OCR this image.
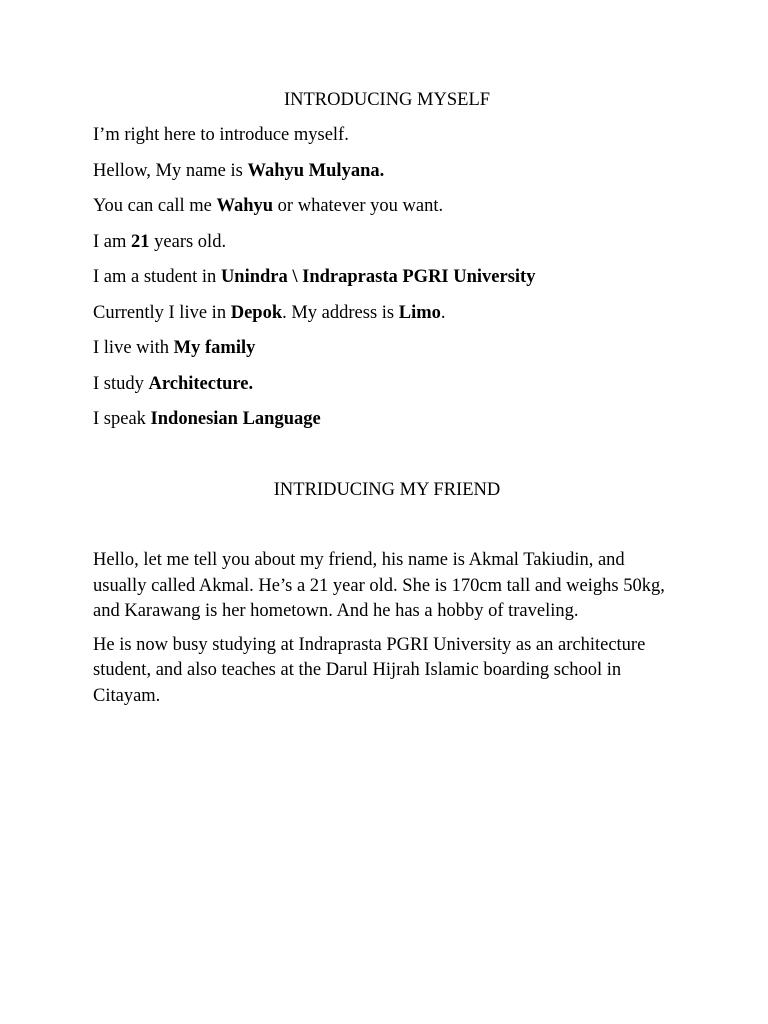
INTRODUCING MYSELF

I’m right here to introduce myself.

Hellow, My name is Wahyu Mulyana.

You can call me Wahyu or whatever you want.

I am 21 years old.

I am a student in Unindra \ Indraprasta PGRI University

Currently I live in Depok. My address is Limo.

I live with My family

I study Architecture.

I speak Indonesian Language

INTRIDUCING MY FRIEND

Hello, let me tell you about my friend, his name is Akmal Takiudin, and usually called Akmal. He’s a 21 year old. She is 170cm tall and weighs 50kg, and Karawang is her hometown. And he has a hobby of traveling.

He is now busy studying at Indraprasta PGRI University as an architecture student, and also teaches at the Darul Hijrah Islamic boarding school in Citayam.
